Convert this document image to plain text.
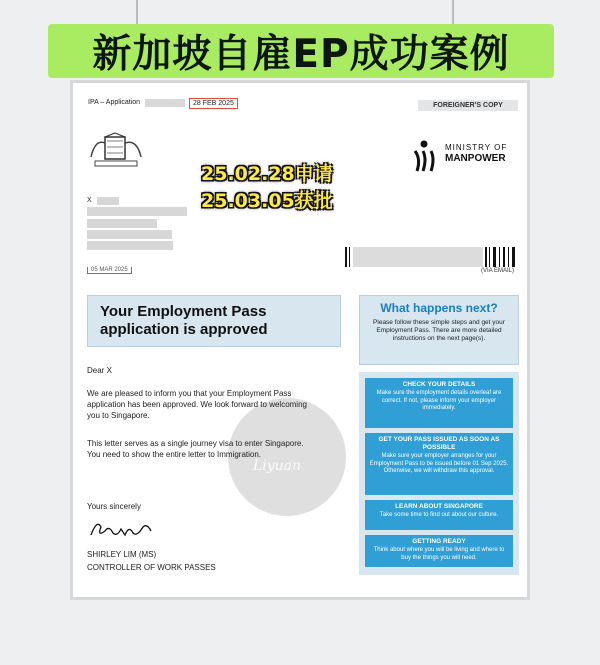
新加坡自雇EP成功案例
IPA – Application	28 FEB 2025	FOREIGNER'S COPY
MINISTRY OF
MANPOWER
25.02.28申请
25.03.05获批
X
(VIA EMAIL)
05 MAR 2025
Your Employment Pass application is approved
Liyuan
Dear X
We are pleased to inform you that your Employment Pass application has been approved. We look forward to welcoming you to Singapore.
This letter serves as a single journey visa to enter Singapore. You need to show the entire letter to Immigration.
Yours sincerely
SHIRLEY LIM (MS)
CONTROLLER OF WORK PASSES
What happens next?
Please follow these simple steps and get your Employment Pass. There are more detailed instructions on the next page(s).
CHECK YOUR DETAILS
Make sure the employment details overleaf are correct. If not, please inform your employer immediately.
GET YOUR PASS ISSUED AS SOON AS POSSIBLE
Make sure your employer arranges for your Employment Pass to be issued before 01 Sep 2025. Otherwise, we will withdraw this approval.
LEARN ABOUT SINGAPORE
Take some time to find out about our culture.
GETTING READY
Think about where you will be living and where to buy the things you will need.
